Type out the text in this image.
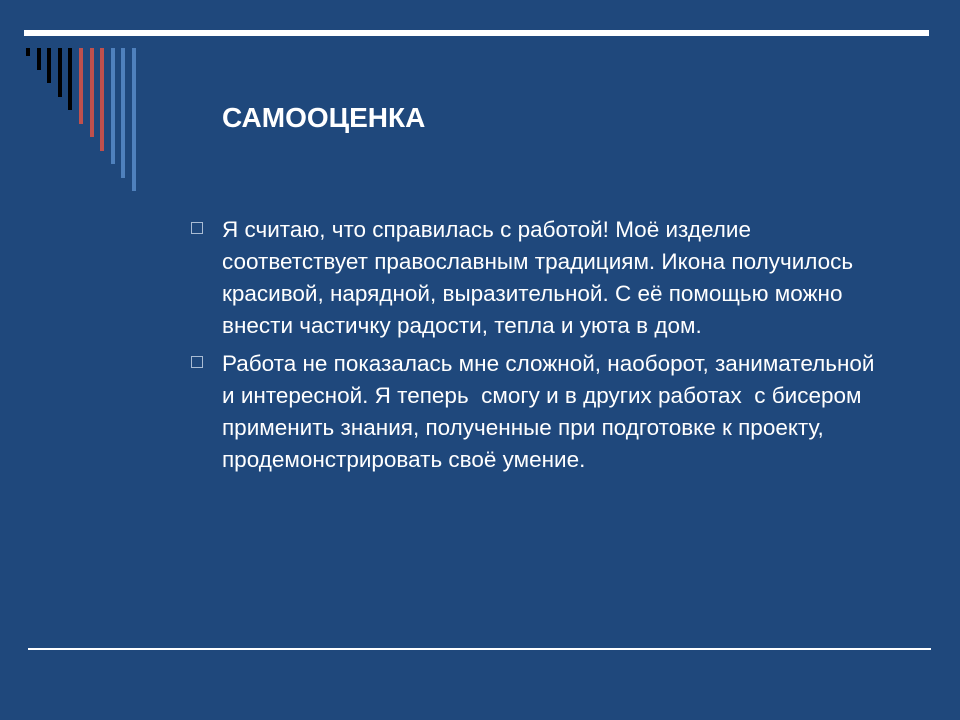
САМООЦЕНКА
Я считаю, что справилась с работой! Моё изделие соответствует православным традициям. Икона получилось красивой, нарядной, выразительной. С её помощью можно внести частичку радости, тепла и уюта в дом.
Работа не показалась мне сложной, наоборот, занимательной и интересной. Я теперь  смогу и в других работах  с бисером применить знания, полученные при подготовке к проекту, продемонстрировать своё умение.
